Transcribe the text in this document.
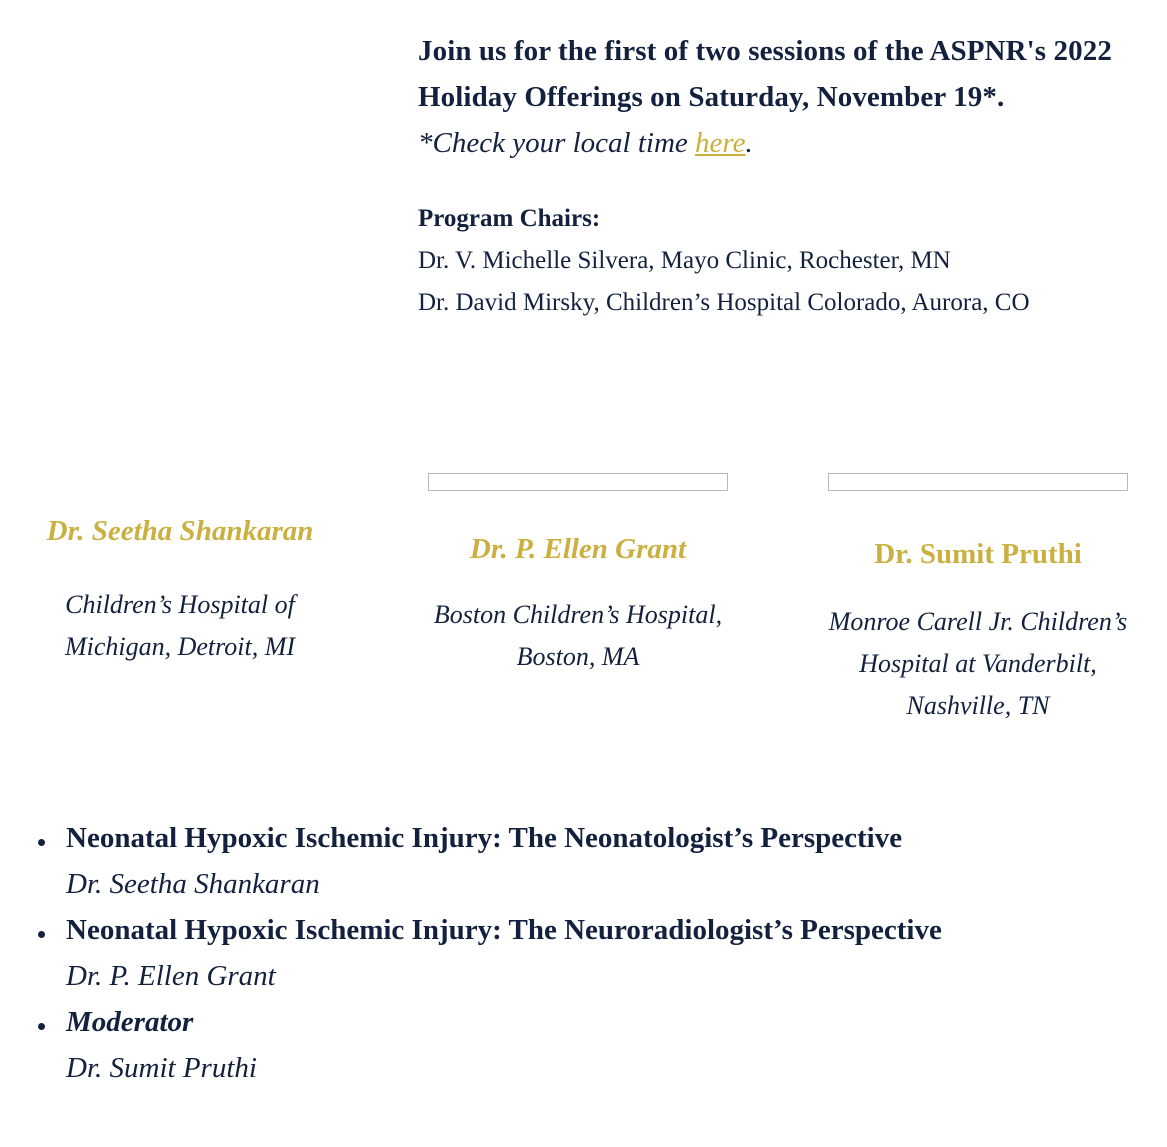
Join us for the first of two sessions of the ASPNR's 2022 Holiday Offerings on Saturday, November 19*.

*Check your local time here.

Program Chairs:
Dr. V. Michelle Silvera, Mayo Clinic, Rochester, MN
Dr. David Mirsky, Children’s Hospital Colorado, Aurora, CO
Dr. Seetha Shankaran
Children’s Hospital of Michigan, Detroit, MI
Dr. P. Ellen Grant
Boston Children’s Hospital, Boston, MA
Dr. Sumit Pruthi
Monroe Carell Jr. Children’s Hospital at Vanderbilt, Nashville, TN
Neonatal Hypoxic Ischemic Injury: The Neonatologist’s Perspective
Dr. Seetha Shankaran
Neonatal Hypoxic Ischemic Injury: The Neuroradiologist’s Perspective
Dr. P. Ellen Grant
Moderator
Dr. Sumit Pruthi
